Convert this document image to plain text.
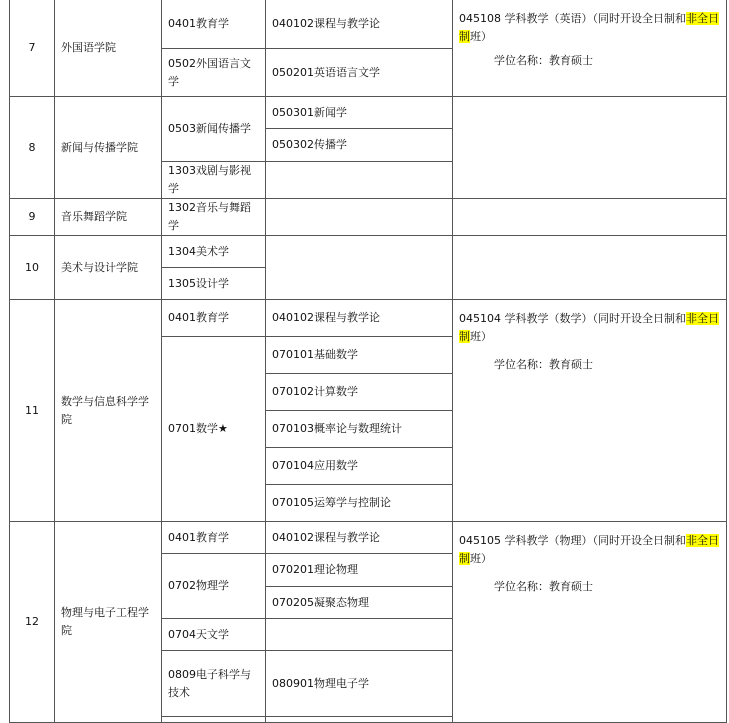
7	外国语学院	0401教育学	040102课程与教学论	045108 学科教学（英语）（同时开设全日制和非全日
制班）
学位名称：教育硕士

		0502外国语言文学	050201英语语言文学	
8	新闻与传播学院	0503新闻传播学	050301新闻学	
			050302传播学	
		1303戏剧与影视学		
9	音乐舞蹈学院	1302音乐与舞蹈学		
10	美术与设计学院	1304美术学		
		1305设计学		
11	数学与信息科学学院	0401教育学	040102课程与教学论	045104 学科教学（数学）（同时开设全日制和非全日
制班）
学位名称：教育硕士

		0701数学★	070101基础数学	
			070102计算数学	
			070103概率论与数理统计	
			070104应用数学	
			070105运筹学与控制论	
12	物理与电子工程学院	0401教育学	040102课程与教学论	045105 学科教学（物理）（同时开设全日制和非全日
制班）
学位名称：教育硕士

		0702物理学	070201理论物理	
			070205凝聚态物理	
		0704天文学		
		0809电子科学与技术	080901物理电子学	
